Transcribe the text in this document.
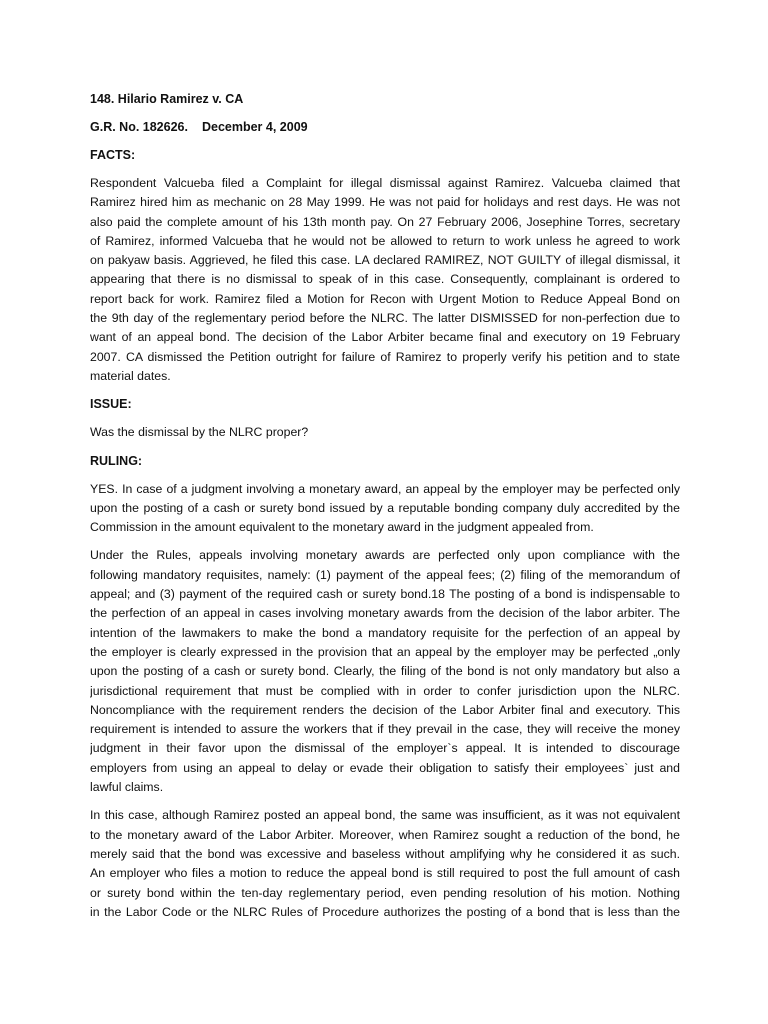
148. Hilario Ramirez v. CA

G.R. No. 182626. December 4, 2009

FACTS:

Respondent Valcueba filed a Complaint for illegal dismissal against Ramirez. Valcueba claimed that
Ramirez hired him as mechanic on 28 May 1999. He was not paid for holidays and rest days. He was not
also paid the complete amount of his 13th month pay. On 27 February 2006, Josephine Torres, secretary
of Ramirez, informed Valcueba that he would not be allowed to return to work unless he agreed to work
on pakyaw basis. Aggrieved, he filed this case. LA declared RAMIREZ, NOT GUILTY of illegal dismissal, it
appearing that there is no dismissal to speak of in this case. Consequently, complainant is ordered to
report back for work. Ramirez filed a Motion for Recon with Urgent Motion to Reduce Appeal Bond on
the 9th day of the reglementary period before the NLRC. The latter DISMISSED for non-perfection due to
want of an appeal bond. The decision of the Labor Arbiter became final and executory on 19 February
2007. CA dismissed the Petition outright for failure of Ramirez to properly verify his petition and to state
material dates.

ISSUE:

Was the dismissal by the NLRC proper?

RULING:

YES. In case of a judgment involving a monetary award, an appeal by the employer may be perfected only
upon the posting of a cash or surety bond issued by a reputable bonding company duly accredited by the
Commission in the amount equivalent to the monetary award in the judgment appealed from.
Under the Rules, appeals involving monetary awards are perfected only upon compliance with the
following mandatory requisites, namely: (1) payment of the appeal fees; (2) filing of the memorandum of
appeal; and (3) payment of the required cash or surety bond.18 The posting of a bond is indispensable to
the perfection of an appeal in cases involving monetary awards from the decision of the labor arbiter. The
intention of the lawmakers to make the bond a mandatory requisite for the perfection of an appeal by
the employer is clearly expressed in the provision that an appeal by the employer may be perfected „only
upon the posting of a cash or surety bond. Clearly, the filing of the bond is not only mandatory but also a
jurisdictional requirement that must be complied with in order to confer jurisdiction upon the NLRC.
Noncompliance with the requirement renders the decision of the Labor Arbiter final and executory. This
requirement is intended to assure the workers that if they prevail in the case, they will receive the money
judgment in their favor upon the dismissal of the employer`s appeal. It is intended to discourage
employers from using an appeal to delay or evade their obligation to satisfy their employees` just and
lawful claims.
In this case, although Ramirez posted an appeal bond, the same was insufficient, as it was not equivalent
to the monetary award of the Labor Arbiter. Moreover, when Ramirez sought a reduction of the bond, he
merely said that the bond was excessive and baseless without amplifying why he considered it as such.
An employer who files a motion to reduce the appeal bond is still required to post the full amount of cash
or surety bond within the ten-day reglementary period, even pending resolution of his motion. Nothing
in the Labor Code or the NLRC Rules of Procedure authorizes the posting of a bond that is less than the
